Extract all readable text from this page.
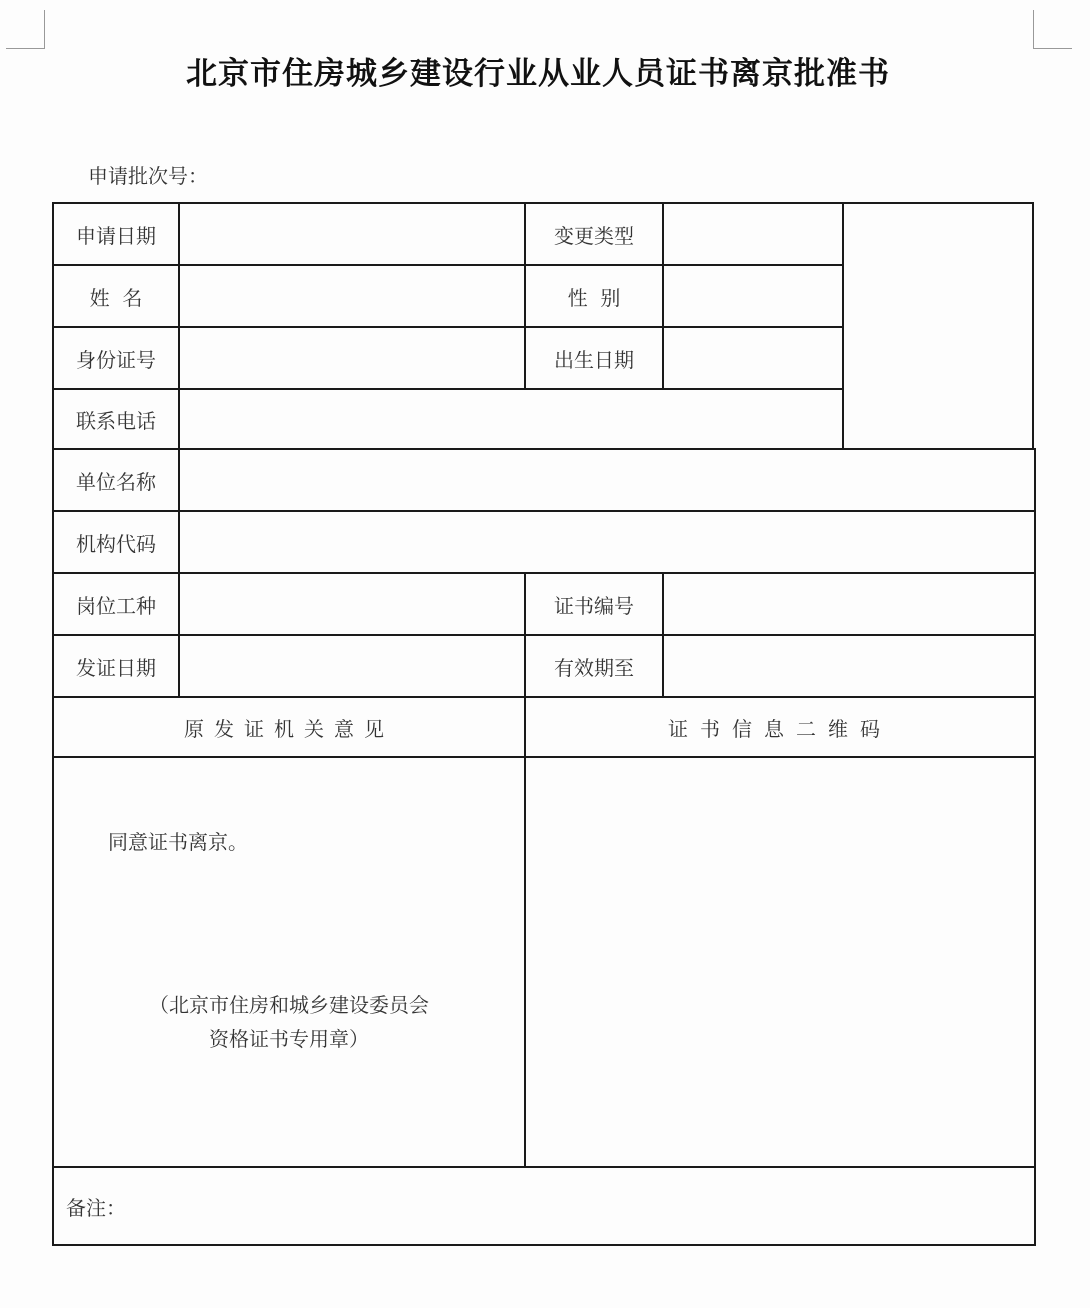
北京市住房城乡建设行业从业人员证书离京批准书
申请批次号：
申请日期
姓  名
身份证号
联系电话
单位名称
机构代码
岗位工种
发证日期
变更类型
性  别
出生日期
证书编号
有效期至
原发证机关意见	证书信息二维码
同意证书离京。
（北京市住房和城乡建设委员会
资格证书专用章）
备注：
